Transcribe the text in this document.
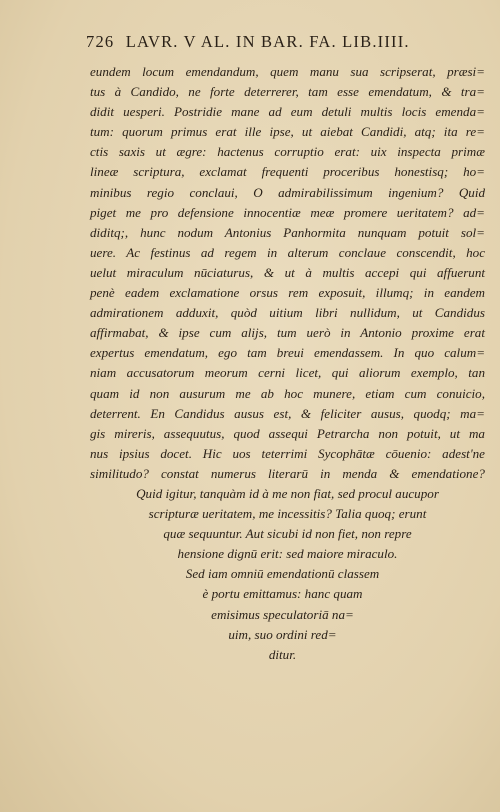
726 LAVR. V AL. IN BAR. FA. LIB.IIII.
eundem locum emendandum, quem manu sua scripserat, præsi=
tus à Candido, ne forte deterrerer, tam esse emendatum, & tra=
didit uesperi. Postridie mane ad eum detuli multis locis emenda=
tum: quorum primus erat ille ipse, ut aiebat Candidi, atq; ita re=
ctis saxis ut ægre: hactenus corruptio erat: uix inspecta primæ
lineæ scriptura, exclamat frequenti proceribus honestisq; ho=
minibus regio conclaui, O admirabilissimum ingenium? Quid
piget me pro defensione innocentiæ meæ promere ueritatem? ad=
diditq;, hunc nodum Antonius Panhormita nunquam potuit sol=
uere. Ac festinus ad regem in alterum conclaue conscendit, hoc
uelut miraculum nūciaturus, & ut à multis accepi qui affuerunt
penè eadem exclamatione orsus rem exposuit, illumq; in eandem
admirationem adduxit, quòd uitium libri nullidum, ut Candidus
affirmabat, & ipse cum alijs, tum uerò in Antonio proxime erat
expertus emendatum, ego tam breui emendassem. In quo calum=
niam accusatorum meorum cerni licet, qui aliorum exemplo, tan
quam id non ausurum me ab hoc munere, etiam cum conuicio,
deterrent. En Candidus ausus est, & feliciter ausus, quodq; ma=
gis mireris, assequutus, quod assequi Petrarcha non potuit, ut ma
nus ipsius docet. Hic uos teterrimi Sycophātæ cōuenio: adest'ne
similitudo? constat numerus literarū in menda & emendatione?
Quid igitur, tanquàm id à me non fiat, sed procul aucupor
scripturæ ueritatem, me incessitis? Talia quoq; erunt
quæ sequuntur. Aut sicubi id non fiet, non repre
hensione dignū erit: sed maiore miraculo.
Sed iam omniū emendationū classem
è portu emittamus: hanc quam
emisimus speculatoriā na=
uim, suo ordini red=
ditur.
